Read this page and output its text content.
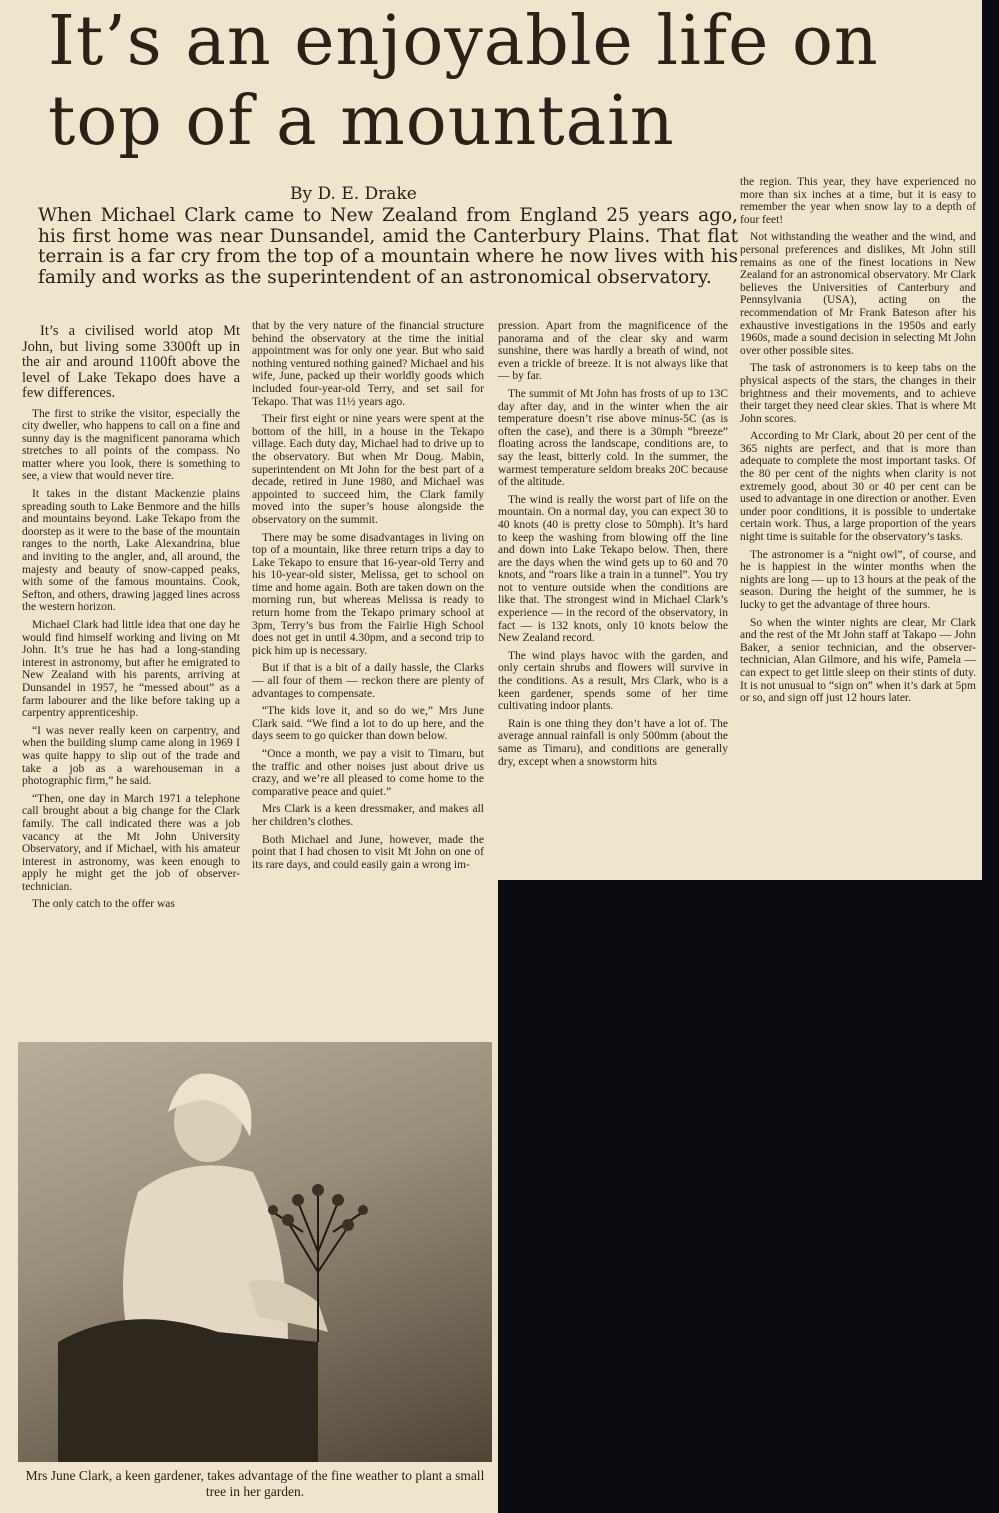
It’s an enjoyable life on top of a mountain
By D. E. Drake

When Michael Clark came to New Zealand from England 25 years ago, his first home was near Dunsandel, amid the Canterbury Plains. That flat terrain is a far cry from the top of a mountain where he now lives with his family and works as the superintendent of an astronomical observatory.

It’s a civilised world atop Mt John, but living some 3300ft up in the air and around 1100ft above the level of Lake Tekapo does have a few differences.

The first to strike the visitor, especially the city dweller, who happens to call on a fine and sunny day is the magnificent panorama which stretches to all points of the compass. No matter where you look, there is something to see, a view that would never tire.

It takes in the distant Mackenzie plains spreading south to Lake Benmore and the hills and mountains beyond. Lake Tekapo from the doorstep as it were to the base of the mountain ranges to the north, Lake Alexandrina, blue and inviting to the angler, and, all around, the majesty and beauty of snow-capped peaks, with some of the famous mountains. Cook, Sefton, and others, drawing jagged lines across the western horizon.

Michael Clark had little idea that one day he would find himself working and living on Mt John. It’s true he has had a long-standing interest in astronomy, but after he emigrated to New Zealand with his parents, arriving at Dunsandel in 1957, he “messed about” as a farm labourer and the like before taking up a carpentry apprenticeship.

“I was never really keen on carpentry, and when the building slump came along in 1969 I was quite happy to slip out of the trade and take a job as a warehouseman in a photographic firm,” he said.

“Then, one day in March 1971 a telephone call brought about a big change for the Clark family. The call indicated there was a job vacancy at the Mt John University Observatory, and if Michael, with his amateur interest in astronomy, was keen enough to apply he might get the job of observer-technician.

The only catch to the offer was

that by the very nature of the financial structure behind the observatory at the time the initial appointment was for only one year. But who said nothing ventured nothing gained? Michael and his wife, June, packed up their worldly goods which included four-year-old Terry, and set sail for Tekapo. That was 11½ years ago.

Their first eight or nine years were spent at the bottom of the hill, in a house in the Tekapo village. Each duty day, Michael had to drive up to the observatory. But when Mr Doug. Mabin, superintendent on Mt John for the best part of a decade, retired in June 1980, and Michael was appointed to succeed him, the Clark family moved into the super’s house alongside the observatory on the summit.

There may be some disadvantages in living on top of a mountain, like three return trips a day to Lake Tekapo to ensure that 16-year-old Terry and his 10-year-old sister, Melissa, get to school on time and home again. Both are taken down on the morning run, but whereas Melissa is ready to return home from the Tekapo primary school at 3pm, Terry’s bus from the Fairlie High School does not get in until 4.30pm, and a second trip to pick him up is necessary.

But if that is a bit of a daily hassle, the Clarks — all four of them — reckon there are plenty of advantages to compensate.

“The kids love it, and so do we,” Mrs June Clark said. “We find a lot to do up here, and the days seem to go quicker than down below.

“Once a month, we pay a visit to Timaru, but the traffic and other noises just about drive us crazy, and we’re all pleased to come home to the comparative peace and quiet.”

Mrs Clark is a keen dressmaker, and makes all her children’s clothes.

Both Michael and June, however, made the point that I had chosen to visit Mt John on one of its rare days, and could easily gain a wrong im-

pression. Apart from the magnificence of the panorama and of the clear sky and warm sunshine, there was hardly a breath of wind, not even a trickle of breeze. It is not always like that — by far.

The summit of Mt John has frosts of up to 13C day after day, and in the winter when the air temperature doesn’t rise above minus-5C (as is often the case), and there is a 30mph “breeze” floating across the landscape, conditions are, to say the least, bitterly cold. In the summer, the warmest temperature seldom breaks 20C because of the altitude.

The wind is really the worst part of life on the mountain. On a normal day, you can expect 30 to 40 knots (40 is pretty close to 50mph). It’s hard to keep the washing from blowing off the line and down into Lake Tekapo below. Then, there are the days when the wind gets up to 60 and 70 knots, and “roars like a train in a tunnel”. You try not to venture outside when the conditions are like that. The strongest wind in Michael Clark’s experience — in the record of the observatory, in fact — is 132 knots, only 10 knots below the New Zealand record.

The wind plays havoc with the garden, and only certain shrubs and flowers will survive in the conditions. As a result, Mrs Clark, who is a keen gardener, spends some of her time cultivating indoor plants.

Rain is one thing they don’t have a lot of. The average annual rainfall is only 500mm (about the same as Timaru), and conditions are generally dry, except when a snowstorm hits

the region. This year, they have experienced no more than six inches at a time, but it is easy to remember the year when snow lay to a depth of four feet!

Not withstanding the weather and the wind, and personal preferences and dislikes, Mt John still remains as one of the finest locations in New Zealand for an astronomical observatory. Mr Clark believes the Universities of Canterbury and Pennsylvania (USA), acting on the recommendation of Mr Frank Bateson after his exhaustive investigations in the 1950s and early 1960s, made a sound decision in selecting Mt John over other possible sites.

The task of astronomers is to keep tabs on the physical aspects of the stars, the changes in their brightness and their movements, and to achieve their target they need clear skies. That is where Mt John scores.

According to Mr Clark, about 20 per cent of the 365 nights are perfect, and that is more than adequate to complete the most important tasks. Of the 80 per cent of the nights when clarity is not extremely good, about 30 or 40 per cent can be used to advantage in one direction or another. Even under poor conditions, it is possible to undertake certain work. Thus, a large proportion of the years night time is suitable for the observatory’s tasks.

The astronomer is a “night owl”, of course, and he is happiest in the winter months when the nights are long — up to 13 hours at the peak of the season. During the height of the summer, he is lucky to get the advantage of three hours.

So when the winter nights are clear, Mr Clark and the rest of the Mt John staff at Takapo — John Baker, a senior technician, and the observer-technician, Alan Gilmore, and his wife, Pamela — can expect to get little sleep on their stints of duty. It is not unusual to “sign on” when it’s dark at 5pm or so, and sign off just 12 hours later.

Mrs June Clark, a keen gardener, takes advantage of the fine weather to plant a small tree in her garden.
